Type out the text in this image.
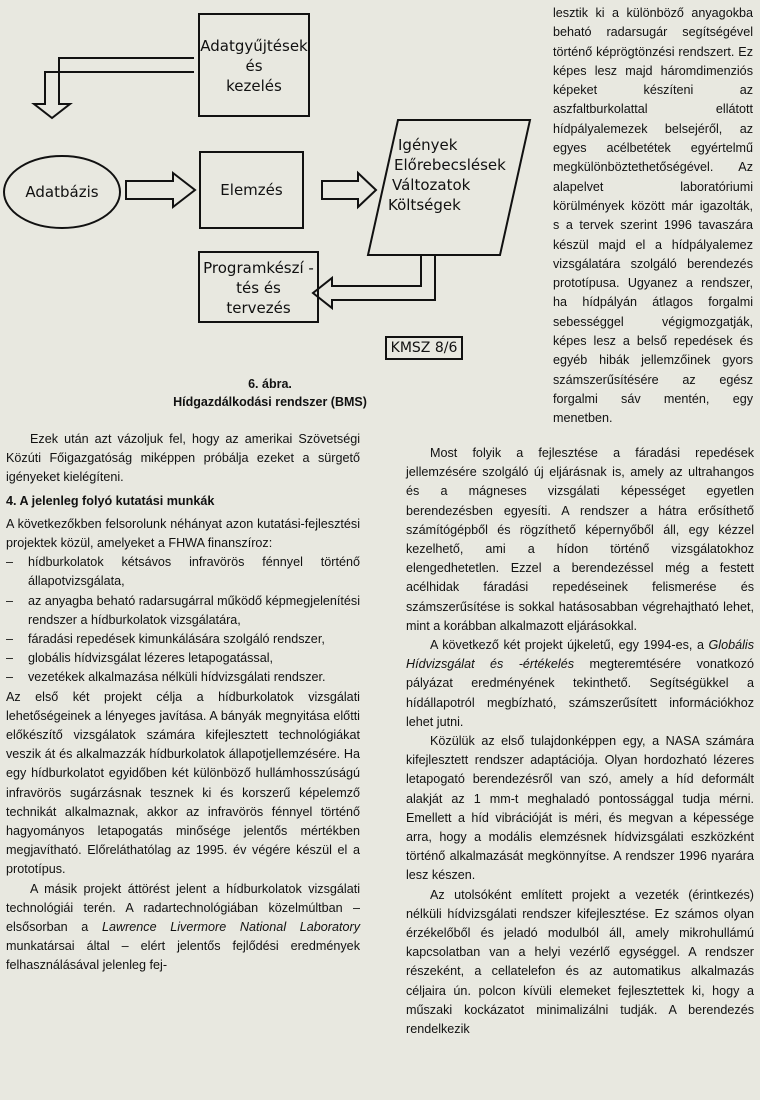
Adatgyűjtések
és
kezelés
Adatbázis	Elemzés
Igények
Előrebecslések
Változatok
Költségek
Programkészí -
tés és
tervezés
KMSZ 8/6
6. ábra.
Hídgazdálkodási rendszer (BMS)

Ezek után azt vázoljuk fel, hogy az amerikai Szövetségi Közúti Főigazgatóság miképpen próbálja ezeket a sürgető igényeket kielégíteni.

4. A jelenleg folyó kutatási munkák

A következőkben felsorolunk néhányat azon kutatási-fejlesztési projektek közül, amelyeket a FHWA finanszíroz:

– hídburkolatok kétsávos infravörös fénnyel történő állapotvizsgálata,
– az anyagba beható radarsugárral működő képmegjelenítési rendszer a hídburkolatok vizsgálatára,
– fáradási repedések kimunkálására szolgáló rendszer,
– globális hídvizsgálat lézeres letapogatással,
– vezetékek alkalmazása nélküli hídvizsgálati rendszer.

Az első két projekt célja a hídburkolatok vizsgálati lehetőségeinek a lényeges javítása. A bányák megnyitása előtti előkészítő vizsgálatok számára kifejlesztett technológiákat veszik át és alkalmazzák hídburkolatok állapotjellemzésére. Ha egy hídburkolatot egyidőben két különböző hullámhosszúságú infravörös sugárzásnak tesznek ki és korszerű képelemző technikát alkalmaznak, akkor az infravörös fénnyel történő hagyományos letapogatás minősége jelentős mértékben megjavítható. Előreláthatólag az 1995. év végére készül el a prototípus.

A másik projekt áttörést jelent a hídburkolatok vizsgálati technológiái terén. A radartechnológiában közelmúltban – elsősorban a Lawrence Livermore National Laboratory munkatársai által – elért jelentős fejlődési eredmények felhasználásával jelenleg fej-

lesztik ki a különböző anyagokba beható radarsugár segítségével történő képrögtönzési rendszert. Ez képes lesz majd háromdimenziós képeket készíteni az aszfaltburkolattal ellátott hídpályalemezek belsejéről, az egyes acélbetétek egyértelmű megkülönböztethetőségével. Az alapelvet laboratóriumi körülmények között már igazolták, s a tervek szerint 1996 tavaszára készül majd el a hídpályalemez vizsgálatára szolgáló berendezés prototípusa. Ugyanez a rendszer, ha hídpályán átlagos forgalmi sebességgel végigmozgatják, képes lesz a belső repedések és egyéb hibák jellemzőinek gyors számszerűsítésére az egész forgalmi sáv mentén, egy menetben.

Most folyik a fejlesztése a fáradási repedések jellemzésére szolgáló új eljárásnak is, amely az ultrahangos és a mágneses vizsgálati képességet egyetlen berendezésben egyesíti. A rendszer a hátra erősíthető számítógépből és rögzíthető képernyőből áll, egy kézzel kezelhető, ami a hídon történő vizsgálatokhoz elengedhetetlen. Ezzel a berendezéssel még a festett acélhidak fáradási repedéseinek felismerése és számszerűsítése is sokkal hatásosabban végrehajtható lehet, mint a korábban alkalmazott eljárásokkal.

A következő két projekt újkeletű, egy 1994-es, a Globális Hídvizsgálat és -értékelés megteremtésére vonatkozó pályázat eredményének tekinthető. Segítségükkel a hídállapotról megbízható, számszerűsített információkhoz lehet jutni.

Közülük az első tulajdonképpen egy, a NASA számára kifejlesztett rendszer adaptációja. Olyan hordozható lézeres letapogató berendezésről van szó, amely a híd deformált alakját az 1 mm-t meghaladó pontossággal tudja mérni. Emellett a híd vibrációját is méri, és megvan a képessége arra, hogy a modális elemzésnek hídvizsgálati eszközként történő alkalmazását megkönnyítse. A rendszer 1996 nyarára lesz készen.

Az utolsóként említett projekt a vezeték (érintkezés) nélküli hídvizsgálati rendszer kifejlesztése. Ez számos olyan érzékelőből és jeladó modulból áll, amely mikrohullámú kapcsolatban van a helyi vezérlő egységgel. A rendszer részeként, a cellatelefon és az automatikus alkalmazás céljaira ún. polcon kívüli elemeket fejlesztettek ki, hogy a műszaki kockázatot minimalizálni tudják. A berendezés rendelkezik
